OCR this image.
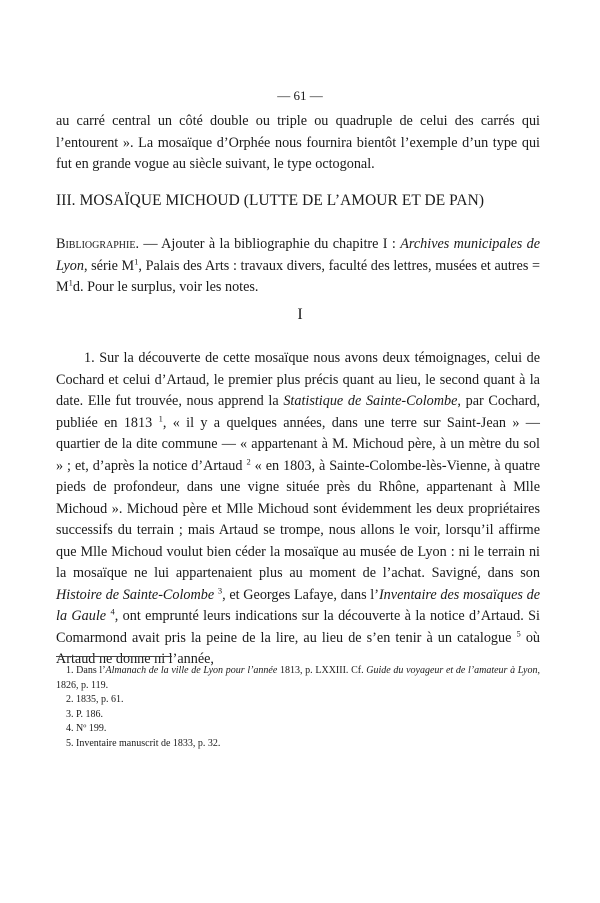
— 61 —

au carré central un côté double ou triple ou quadruple de celui des carrés qui l’entourent ». La mosaïque d’Orphée nous fournira bientôt l’exemple d’un type qui fut en grande vogue au siècle suivant, le type octogonal.

III. MOSAÏQUE MICHOUD (LUTTE DE L’AMOUR ET DE PAN)

Bibliographie. — Ajouter à la bibliographie du chapitre I : Archives municipales de Lyon, série $M^1$, Palais des Arts : travaux divers, faculté des lettres, musées et autres = $M^1d$. Pour le surplus, voir les notes.

I

1. Sur la découverte de cette mosaïque nous avons deux témoignages, celui de Cochard et celui d’Artaud, le premier plus précis quant au lieu, le second quant à la date. Elle fut trouvée, nous apprend la Statistique de Sainte-Colombe, par Cochard, publiée en 1813 $^1$, « il y a quelques années, dans une terre sur Saint-Jean » — quartier de la dite commune — « appartenant à M. Michoud père, à un mètre du sol » ; et, d’après la notice d’Artaud $^2$ « en 1803, à Sainte-Colombe-lès-Vienne, à quatre pieds de profondeur, dans une vigne située près du Rhône, appartenant à Mlle Michoud ». Michoud père et Mlle Michoud sont évidemment les deux propriétaires successifs du terrain ; mais Artaud se trompe, nous allons le voir, lorsqu’il affirme que Mlle Michoud voulut bien céder la mosaïque au musée de Lyon : ni le terrain ni la mosaïque ne lui appartenaient plus au moment de l’achat. Savigné, dans son Histoire de Sainte-Colombe $^3$, et Georges Lafaye, dans l’Inventaire des mosaïques de la Gaule $^4$, ont emprunté leurs indications sur la découverte à la notice d’Artaud. Si Comarmond avait pris la peine de la lire, au lieu de s’en tenir à un catalogue $^5$ où Artaud ne donne ni l’année,

1. Dans l’Almanach de la ville de Lyon pour l’année 1813, p. LXXIII. Cf. Guide du voyageur et de l’amateur à Lyon, 1826, p. 119.
2. 1835, p. 61.
3. P. 186.
4. Nº 199.
5. Inventaire manuscrit de 1833, p. 32.
